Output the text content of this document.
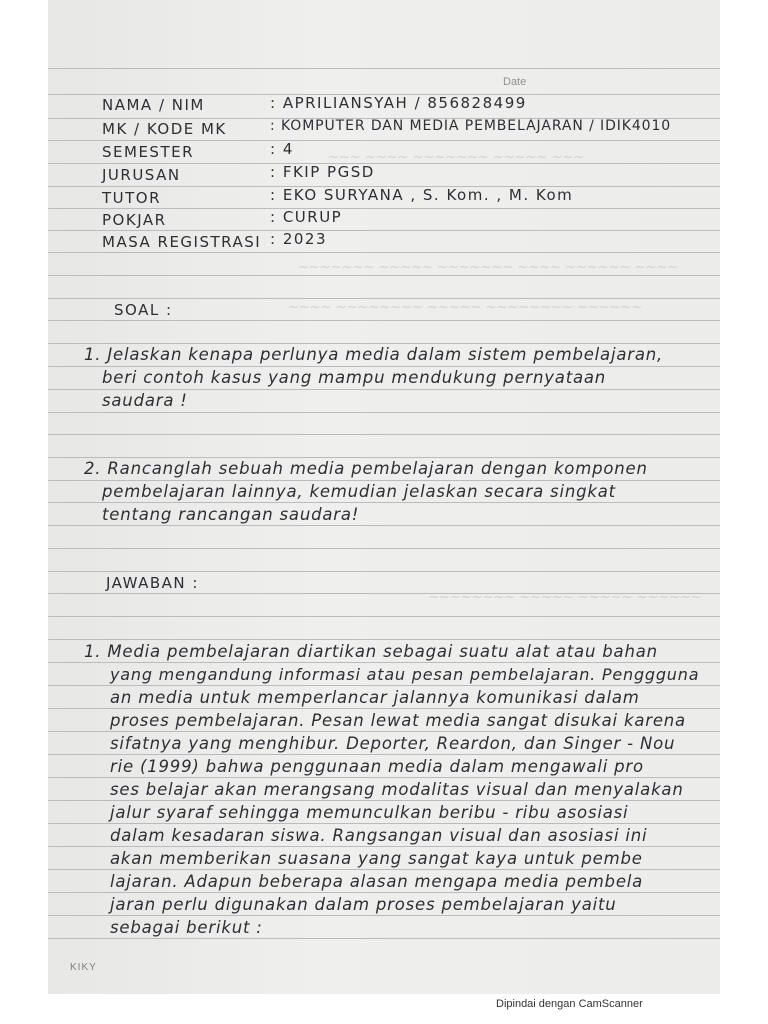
~~~ ~~~~ ~~~~~~~ ~~~~~ ~~~
~~~~~~~ ~~~~~ ~~~~~~~ ~~~~ ~~~~~~ ~~~~
~~~~ ~~~~~~~~ ~~~~~ ~~~~~~~~ ~~~~~~
~~~~~~~~ ~~~~~ ~~~~~ ~~~~~~
Date
NAMA / NIM	: APRILIANSYAH / 856828499
MK / KODE MK	: KOMPUTER DAN MEDIA PEMBELAJARAN / IDIK4010
SEMESTER	: 4
JURUSAN	: FKIP PGSD
TUTOR	: EKO SURYANA , S. Kom. , M. Kom
POKJAR	: CURUP
MASA REGISTRASI : 2023
SOAL :
1. Jelaskan kenapa perlunya media dalam sistem pembelajaran,
beri contoh kasus yang mampu mendukung pernyataan
saudara !
2. Rancanglah sebuah media pembelajaran dengan komponen
pembelajaran lainnya, kemudian jelaskan secara singkat
tentang rancangan saudara!
JAWABAN :
1. Media pembelajaran diartikan sebagai suatu alat atau bahan
yang mengandung informasi atau pesan pembelajaran. Penggguna
an media untuk memperlancar jalannya komunikasi dalam
proses pembelajaran. Pesan lewat media sangat disukai karena
sifatnya yang menghibur. Deporter, Reardon, dan Singer - Nou
rie (1999) bahwa penggunaan media dalam mengawali pro
ses belajar akan merangsang modalitas visual dan menyalakan
jalur syaraf sehingga memunculkan beribu - ribu asosiasi
dalam kesadaran siswa. Rangsangan visual dan asosiasi ini
akan memberikan suasana yang sangat kaya untuk pembe
lajaran. Adapun beberapa alasan mengapa media pembela
jaran perlu digunakan dalam proses pembelajaran yaitu
sebagai berikut :
KIKY
Dipindai dengan CamScanner
